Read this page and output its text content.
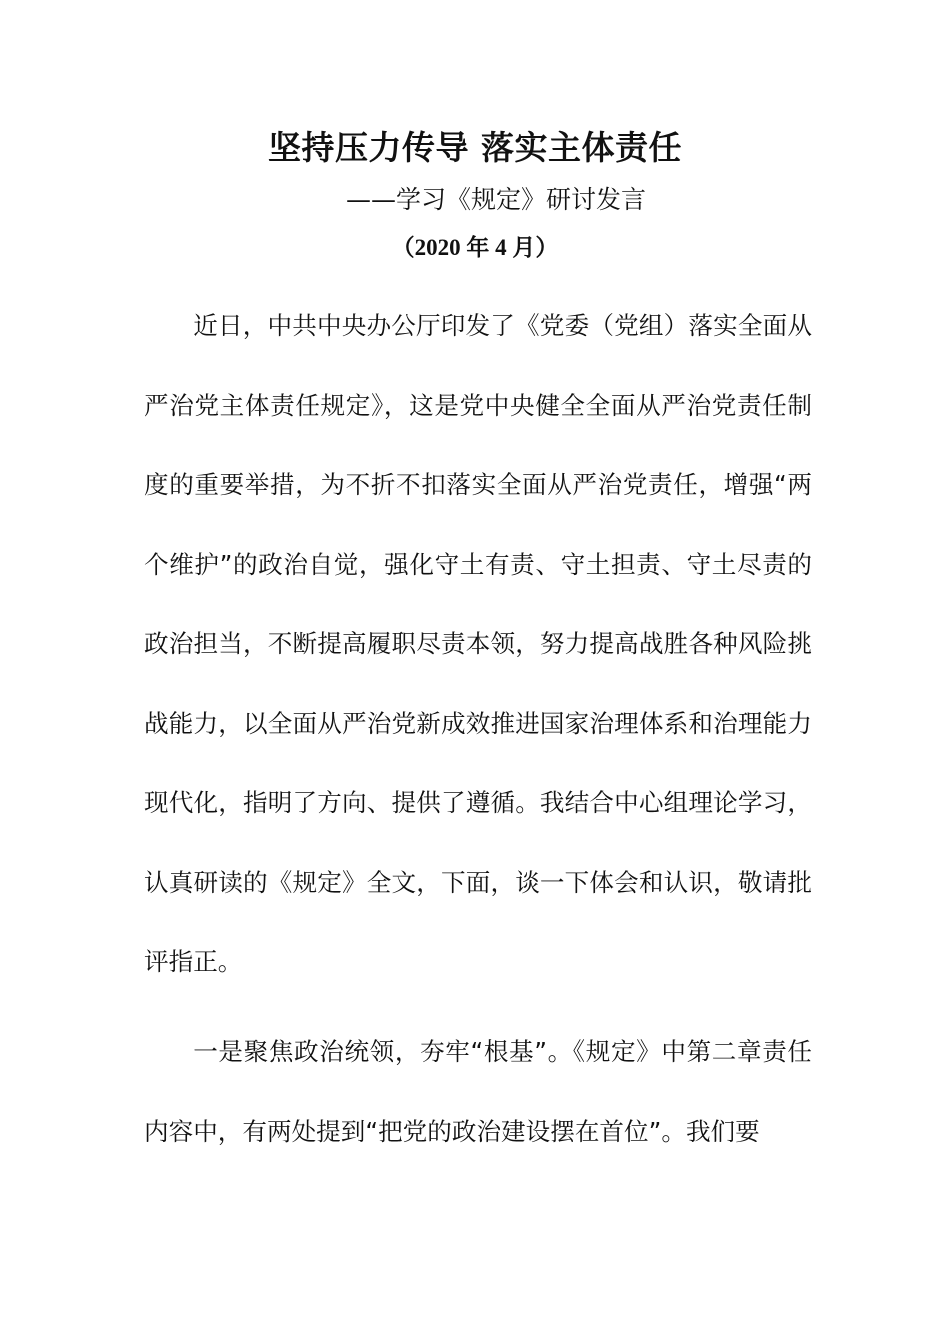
坚持压力传导 落实主体责任
——学习《规定》研讨发言
（2020 年 4 月）

近日，中共中央办公厅印发了《党委（党组）落实全面从严治党主体责任规定》，这是党中央健全全面从严治党责任制度的重要举措，为不折不扣落实全面从严治党责任，增强“两个维护”的政治自觉，强化守土有责、守土担责、守土尽责的政治担当，不断提高履职尽责本领，努力提高战胜各种风险挑战能力，以全面从严治党新成效推进国家治理体系和治理能力现代化，指明了方向、提供了遵循。我结合中心组理论学习，认真研读的《规定》全文，下面，谈一下体会和认识，敬请批评指正。

一是聚焦政治统领，夯牢“根基”。《规定》中第二章责任内容中，有两处提到“把党的政治建设摆在首位”。我们要
